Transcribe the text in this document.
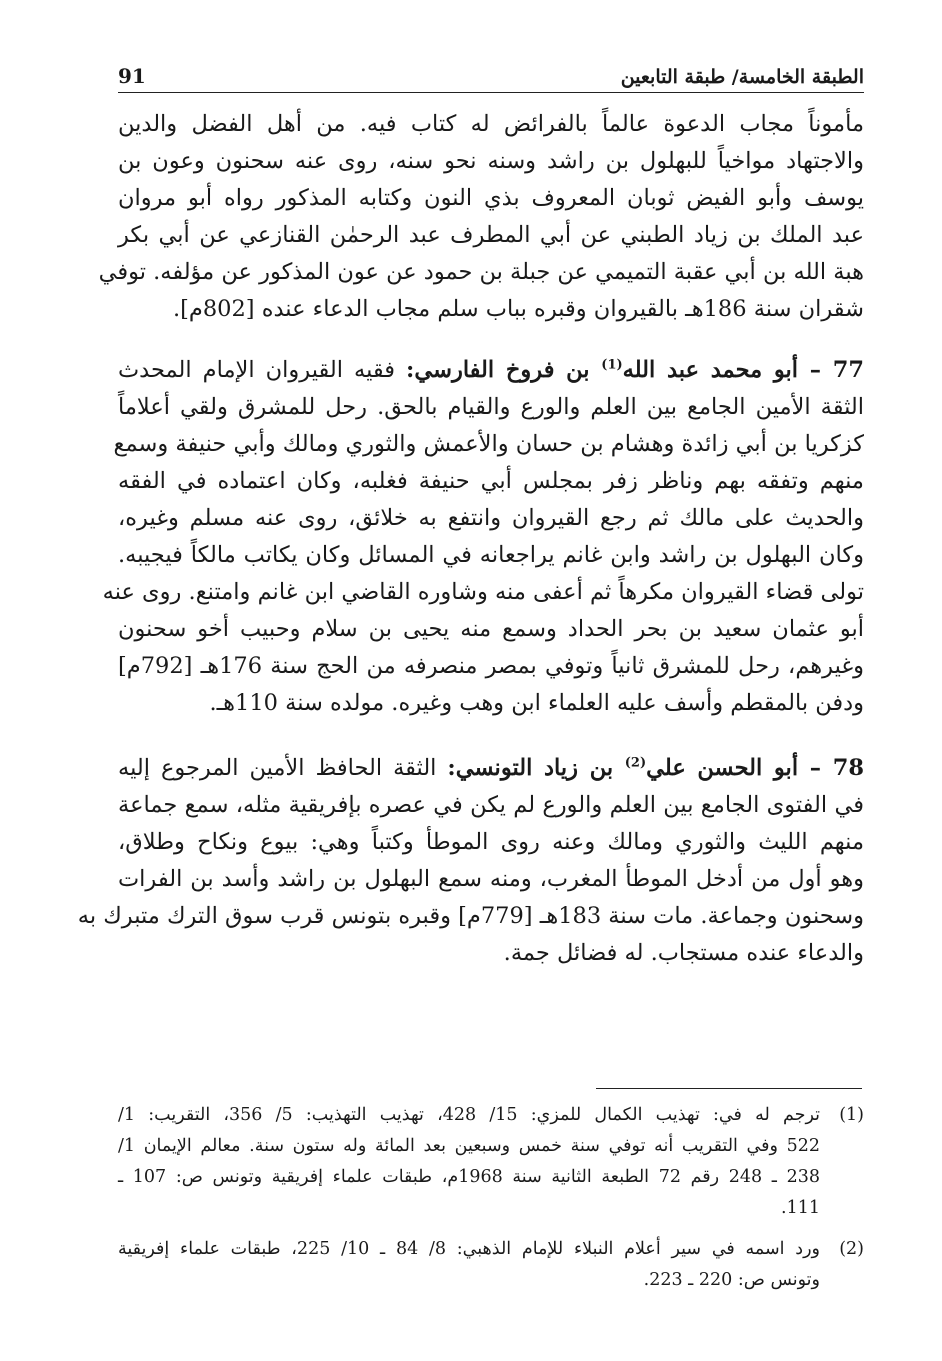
91	الطبقة الخامسة/ طبقة التابعين
مأموناً مجاب الدعوة عالماً بالفرائض له كتاب فيه. من أهل الفضل والدين
والاجتهاد مواخياً للبهلول بن راشد وسنه نحو سنه، روى عنه سحنون وعون بن
يوسف وأبو الفيض ثوبان المعروف بذي النون وكتابه المذكور رواه أبو مروان
عبد الملك بن زياد الطبني عن أبي المطرف عبد الرحمٰن القنازعي عن أبي بكر
هبة الله بن أبي عقبة التميمي عن جبلة بن حمود عن عون المذكور عن مؤلفه. توفي
شقران سنة 186هـ بالقيروان وقبره بباب سلم مجاب الدعاء عنده [802م].
77 – أبو محمد عبد الله$^{(1)}$ بن فروخ الفارسي: فقيه القيروان الإمام المحدث
الثقة الأمين الجامع بين العلم والورع والقيام بالحق. رحل للمشرق ولقي أعلاماً
كزكريا بن أبي زائدة وهشام بن حسان والأعمش والثوري ومالك وأبي حنيفة وسمع
منهم وتفقه بهم وناظر زفر بمجلس أبي حنيفة فغلبه، وكان اعتماده في الفقه
والحديث على مالك ثم رجع القيروان وانتفع به خلائق، روى عنه مسلم وغيره،
وكان البهلول بن راشد وابن غانم يراجعانه في المسائل وكان يكاتب مالكاً فيجيبه.
تولى قضاء القيروان مكرهاً ثم أعفى منه وشاوره القاضي ابن غانم وامتنع. روى عنه
أبو عثمان سعيد بن بحر الحداد وسمع منه يحيى بن سلام وحبيب أخو سحنون
وغيرهم، رحل للمشرق ثانياً وتوفي بمصر منصرفه من الحج سنة 176هـ [792م]
ودفن بالمقطم وأسف عليه العلماء ابن وهب وغيره. مولده سنة 110هـ.
78 – أبو الحسن علي$^{(2)}$ بن زياد التونسي: الثقة الحافظ الأمين المرجوع إليه
في الفتوى الجامع بين العلم والورع لم يكن في عصره بإفريقية مثله، سمع جماعة
منهم الليث والثوري ومالك وعنه روى الموطأ وكتباً وهي: بيوع ونكاح وطلاق،
وهو أول من أدخل الموطأ المغرب، ومنه سمع البهلول بن راشد وأسد بن الفرات
وسحنون وجماعة. مات سنة 183هـ [779م] وقبره بتونس قرب سوق الترك متبرك به
والدعاء عنده مستجاب. له فضائل جمة.
(1)
ترجم له في: تهذيب الكمال للمزي: 15/ 428، تهذيب التهذيب: 5/ 356، التقريب: 1/
522 وفي التقريب أنه توفي سنة خمس وسبعين بعد المائة وله ستون سنة. معالم الإيمان 1/
238 ـ 248 رقم 72 الطبعة الثانية سنة 1968م، طبقات علماء إفريقية وتونس ص: 107 ـ
111.
(2)
ورد اسمه في سير أعلام النبلاء للإمام الذهبي: 8/ 84 ـ 10/ 225، طبقات علماء إفريقية
وتونس ص: 220 ـ 223.
